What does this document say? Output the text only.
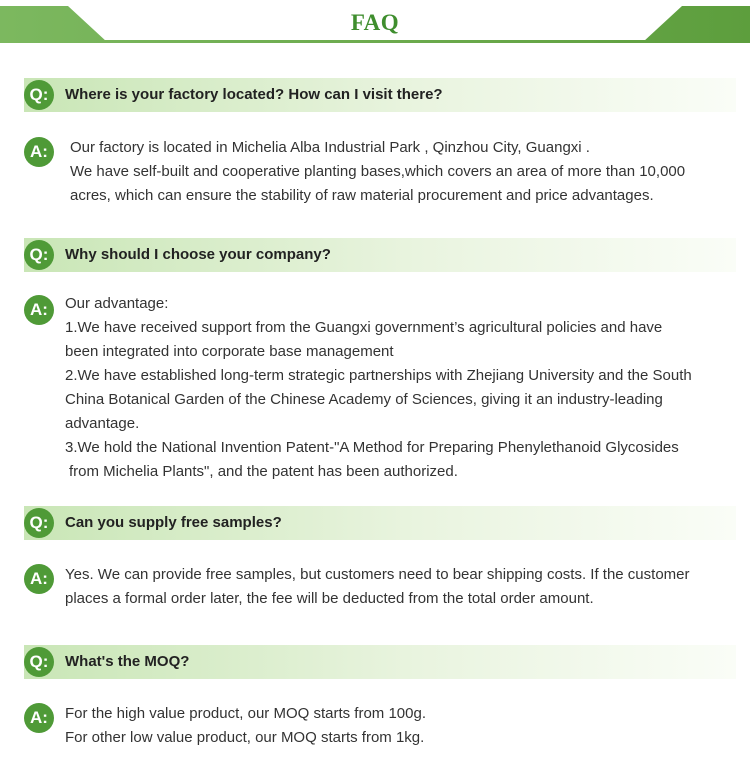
FAQ
Q:	Where is your factory located? How can I visit there?
A:	Our factory is located in Michelia Alba Industrial Park , Qinzhou City, Guangxi .
We have self-built and cooperative planting bases,which covers an area of more than 10,000
acres, which can ensure the stability of raw material procurement and price advantages.
Q:	Why should I choose your company?
A:	Our advantage:
1.We have received support from the Guangxi government’s agricultural policies and have
been integrated into corporate base management
2.We have established long-term strategic partnerships with Zhejiang University and the South
China Botanical Garden of the Chinese Academy of Sciences, giving it an industry-leading
advantage.
3.We hold the National Invention Patent-"A Method for Preparing Phenylethanoid Glycosides
from Michelia Plants", and the patent has been authorized.
Q:	Can you supply free samples?
A:	Yes. We can provide free samples, but customers need to bear shipping costs. If the customer
places a formal order later, the fee will be deducted from the total order amount.
Q:	What's the MOQ?
A:	For the high value product, our MOQ starts from 100g.
For other low value product, our MOQ starts from 1kg.
